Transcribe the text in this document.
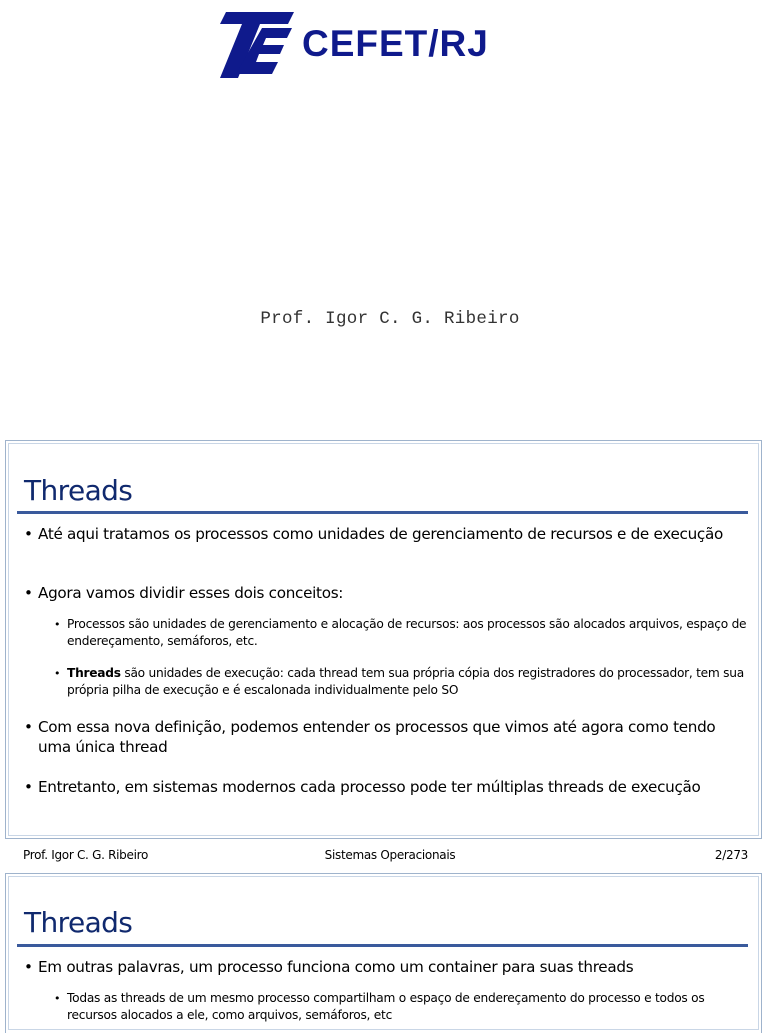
CEFET/RJ
Prof. Igor C. G. Ribeiro
Threads
• Até aqui tratamos os processos como unidades de gerenciamento de recursos e de execução
• Agora vamos dividir esses dois conceitos:
• Processos são unidades de gerenciamento e alocação de recursos: aos processos são alocados arquivos, espaço de endereçamento, semáforos, etc.
• Threads são unidades de execução: cada thread tem sua própria cópia dos registradores do processador, tem sua própria pilha de execução e é escalonada individualmente pelo SO
• Com essa nova definição, podemos entender os processos que vimos até agora como tendo uma única thread
• Entretanto, em sistemas modernos cada processo pode ter múltiplas threads de execução
Prof. Igor C. G. Ribeiro	Sistemas Operacionais	2/273
Threads
• Em outras palavras, um processo funciona como um container para suas threads
• Todas as threads de um mesmo processo compartilham o espaço de endereçamento do processo e todos os recursos alocados a ele, como arquivos, semáforos, etc
